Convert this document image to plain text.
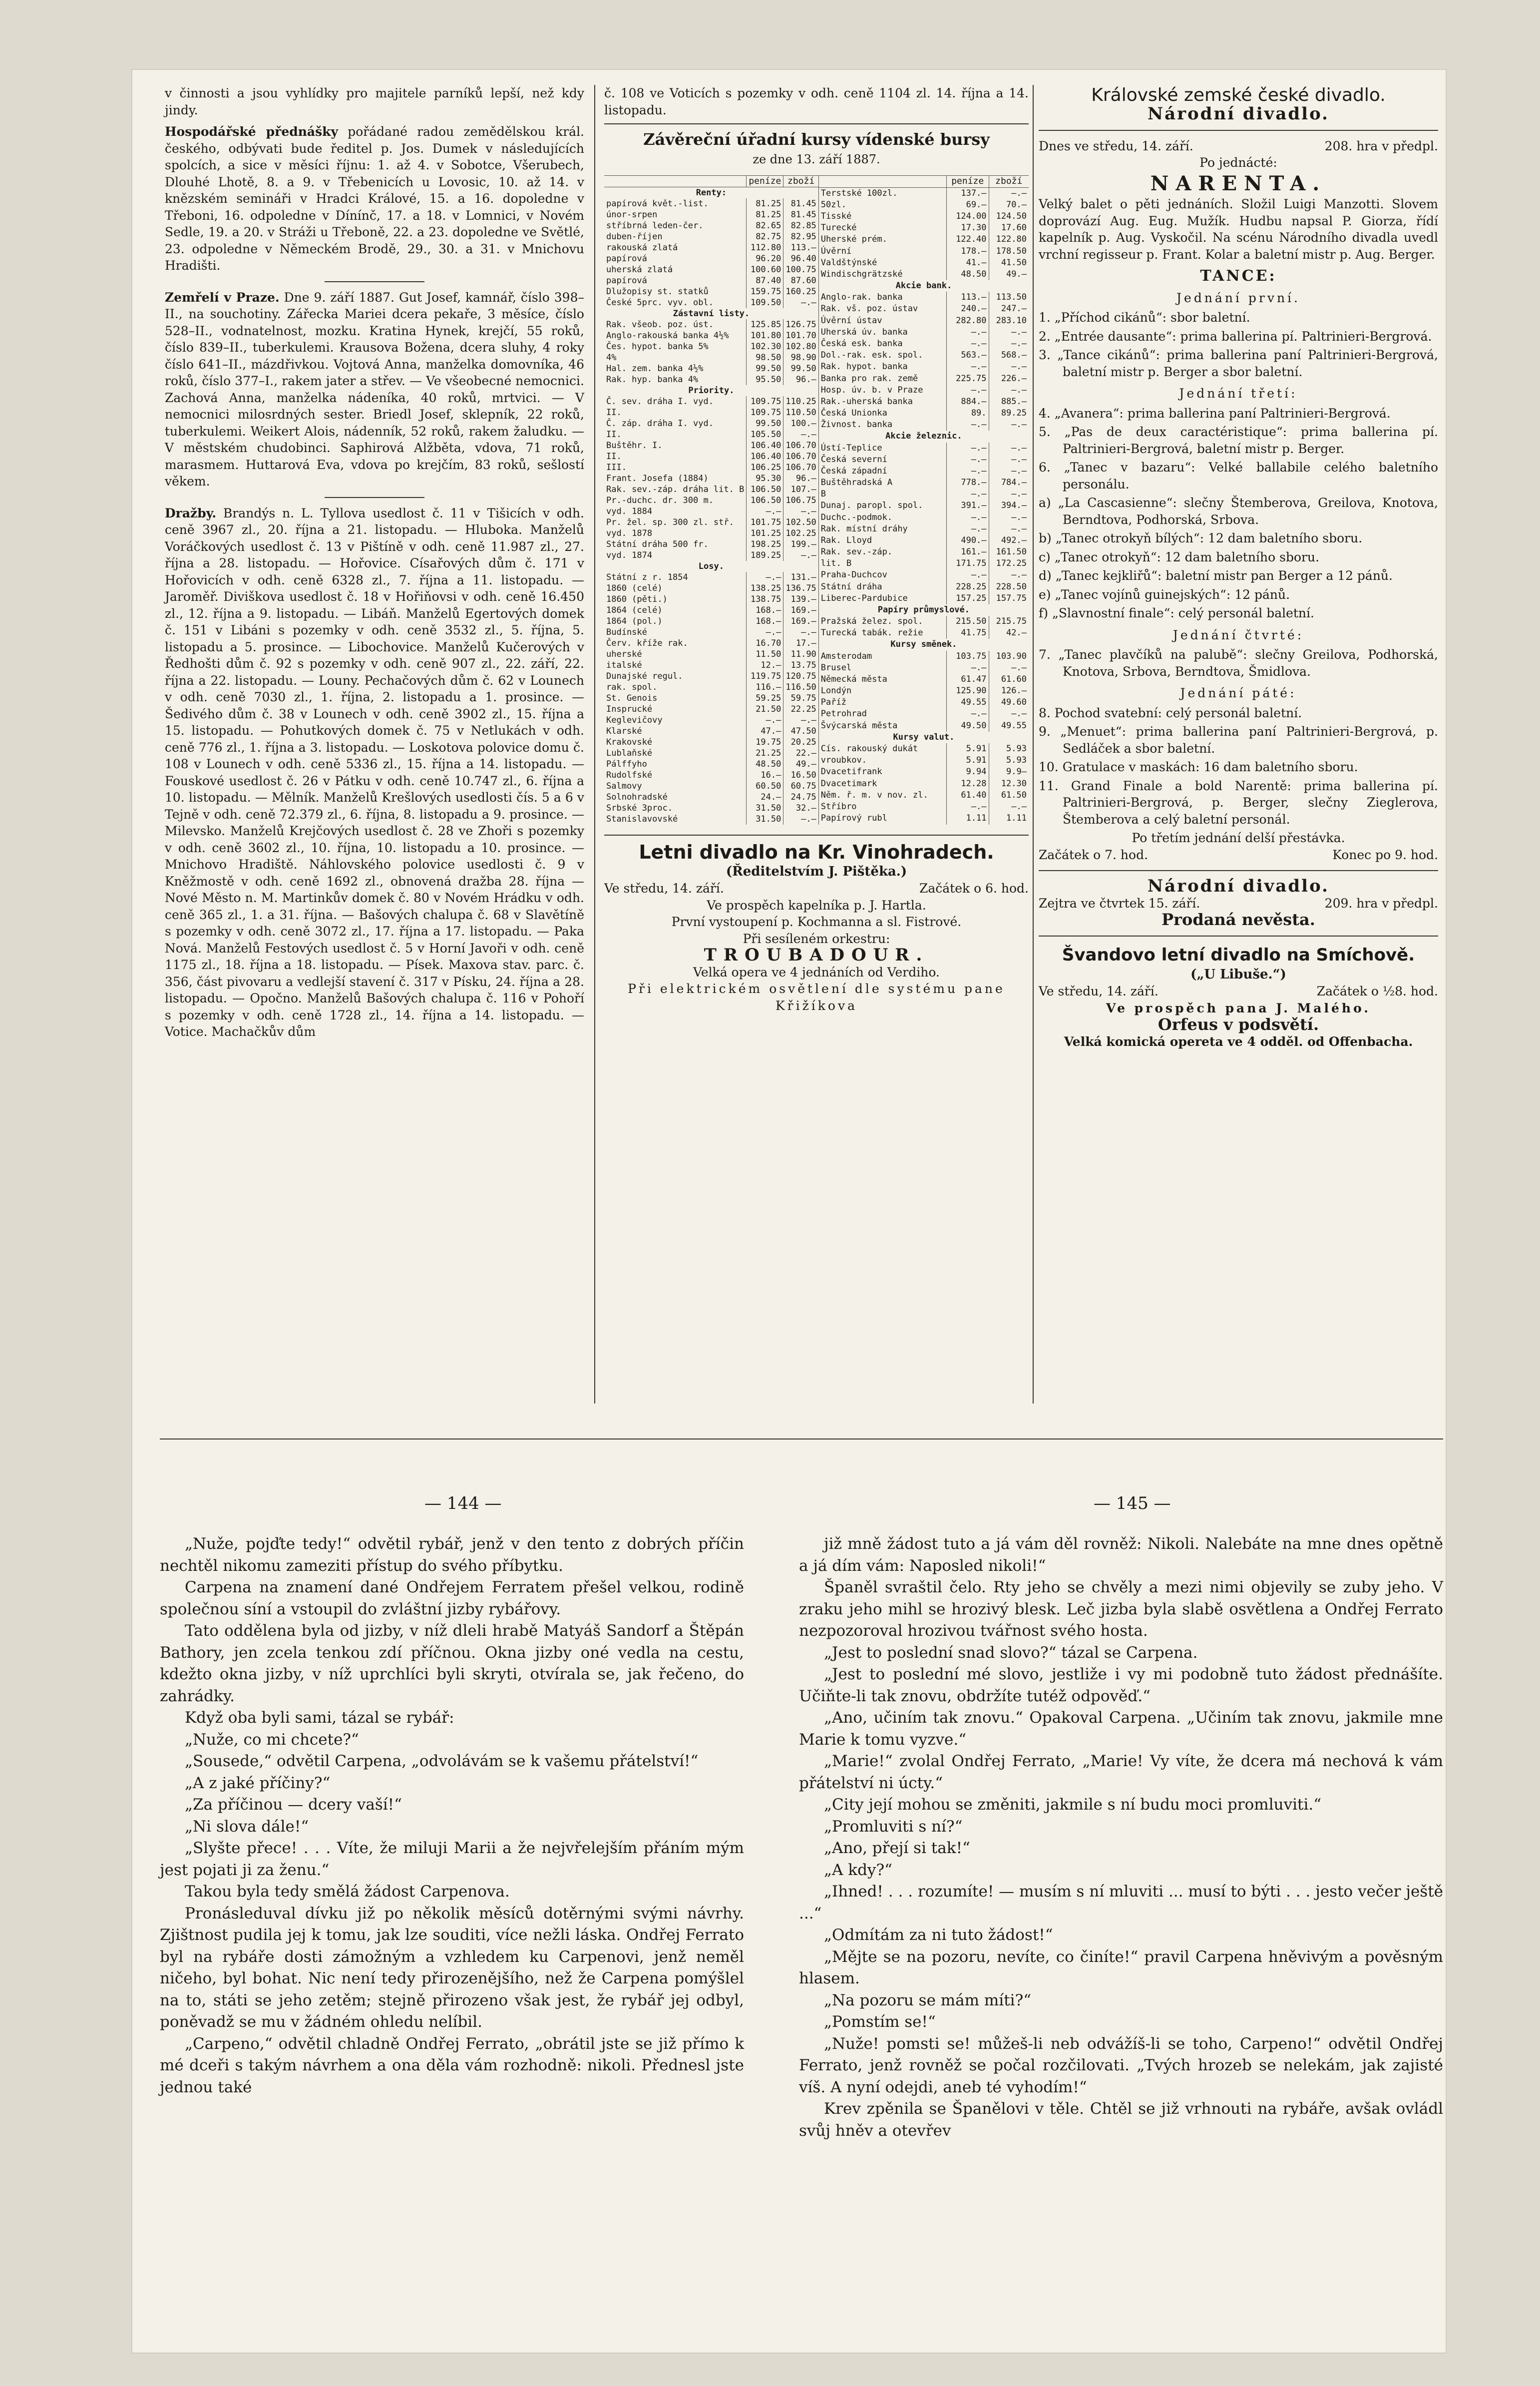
v činnosti a jsou vyhlídky pro majitele parníků lepší, než kdy jindy.

Hospodářské přednášky pořádané radou zemědělskou král. českého, odbývati bude ředitel p. Jos. Dumek v následujících spolcích, a sice v měsíci říjnu: 1. až 4. v Sobotce, Všerubech, Dlouhé Lhotě, 8. a 9. v Třebenicích u Lovosic, 10. až 14. v knězském semináři v Hradci Králové, 15. a 16. dopoledne v Třeboni, 16. odpoledne v Dínínč, 17. a 18. v Lomnici, v Novém Sedle, 19. a 20. v Stráži u Třeboně, 22. a 23. dopoledne ve Světlé, 23. odpoledne v Německém Brodě, 29., 30. a 31. v Mnichovu Hradišti.

Zemřelí v Praze. Dne 9. září 1887. Gut Josef, kamnář, číslo 398–II., na souchotiny. Zářecka Mariei dcera pekaře, 3 měsíce, číslo 528–II., vodnatelnost, mozku. Kratina Hynek, krejčí, 55 roků, číslo 839–II., tuberkulemi. Krausova Božena, dcera sluhy, 4 roky číslo 641–II., mázdřivkou. Vojtová Anna, manželka domovníka, 46 roků, číslo 377–I., rakem jater a střev. — Ve všeobecné nemocnici. Zachová Anna, manželka nádeníka, 40 roků, mrtvici. — V nemocnici milosrdných sester. Briedl Josef, sklepník, 22 roků, tuberkulemi. Weikert Alois, nádenník, 52 roků, rakem žaludku. — V městském chudobinci. Saphirová Alžběta, vdova, 71 roků, marasmem. Huttarová Eva, vdova po krejčím, 83 roků, sešlostí věkem.

Dražby. Brandýs n. L. Tyllova usedlost č. 11 v Tišicích v odh. ceně 3967 zl., 20. října a 21. listopadu. — Hluboka. Manželů Voráčkových usedlost č. 13 v Pištíně v odh. ceně 11.987 zl., 27. října a 28. listopadu. — Hořovice. Císařových dům č. 171 v Hořovicích v odh. ceně 6328 zl., 7. října a 11. listopadu. — Jaroměř. Diviškova usedlost č. 18 v Hořiňovsi v odh. ceně 16.450 zl., 12. října a 9. listopadu. — Libáň. Manželů Egertových domek č. 151 v Libáni s pozemky v odh. ceně 3532 zl., 5. října, 5. listopadu a 5. prosince. — Libochovice. Manželů Kučerových v Ředhošti dům č. 92 s pozemky v odh. ceně 907 zl., 22. září, 22. října a 22. listopadu. — Louny. Pechačových dům č. 62 v Lounech v odh. ceně 7030 zl., 1. října, 2. listopadu a 1. prosince. — Šedivého dům č. 38 v Lounech v odh. ceně 3902 zl., 15. října a 15. listopadu. — Pohutkových domek č. 75 v Netlukách v odh. ceně 776 zl., 1. října a 3. listopadu. — Loskotova polovice domu č. 108 v Lounech v odh. ceně 5336 zl., 15. října a 14. listopadu. — Fouskové usedlost č. 26 v Pátku v odh. ceně 10.747 zl., 6. října a 10. listopadu. — Mělník. Manželů Krešlových usedlosti čís. 5 a 6 v Tejně v odh. ceně 72.379 zl., 6. října, 8. listopadu a 9. prosince. — Milevsko. Manželů Krejčových usedlost č. 28 ve Zhoři s pozemky v odh. ceně 3602 zl., 10. října, 10. listopadu a 10. prosince. — Mnichovo Hradiště. Náhlovského polovice usedlosti č. 9 v Kněžmostě v odh. ceně 1692 zl., obnovená dražba 28. října — Nové Město n. M. Martinkův domek č. 80 v Novém Hrádku v odh. ceně 365 zl., 1. a 31. října. — Bašových chalupa č. 68 v Slavětíně s pozemky v odh. ceně 3072 zl., 17. října a 17. listopadu. — Paka Nová. Manželů Festových usedlost č. 5 v Horní Javoři v odh. ceně 1175 zl., 18. října a 18. listopadu. — Písek. Maxova stav. parc. č. 356, část pivovaru a vedlejší stavení č. 317 v Písku, 24. října a 28. listopadu. — Opočno. Manželů Bašových chalupa č. 116 v Pohoří s pozemky v odh. ceně 1728 zl., 14. října a 14. listopadu. — Votice. Machačkův dům

č. 108 ve Voticích s pozemky v odh. ceně 1104 zl. 14. října a 14. listopadu.

Závěreční úřadní kursy vídenské bursy
ze dne 13. září 1887.
	peníze	zboží
Renty:		
papírová květ.-list.	81.25	81.45
únor-srpen	81.25	81.45
stříbrná leden-čer.	82.65	82.85
duben-říjen	82.75	82.95
rakouská zlatá	112.80	113.—
papírová	96.20	96.40
uherská zlatá	100.60	100.75
papírová	87.40	87.60
Dlužopisy st. statků	159.75	160.25
České 5prc. vyv. obl.	109.50	—.—
Zástavní listy.		
Rak. všeob. poz. úst.	125.85	126.75
Anglo-rakouská banka 4½%	101.80	101.70
Čes. hypot. banka 5%	102.30	102.80
4%	98.50	98.90
Hal. zem. banka 4½%	99.50	99.50
Rak. hyp. banka 4%	95.50	96.—
Priority.		
Č. sev. dráha I. vyd.	109.75	110.25
II.	109.75	110.50
Č. záp. dráha I. vyd.	99.50	100.—
II.	105.50	—.—
Buštěhr. I.	106.40	106.70
II.	106.40	106.70
III.	106.25	106.70
Frant. Josefa (1884)	95.30	96.—
Rak. sev.-záp. dráha lit. B	106.50	107.—
Pr.-duchc. dr. 300 m.	106.50	106.75
vyd. 1884	—.—	—.—
Pr. žel. sp. 300 zl. stř.	101.75	102.50
vyd. 1878	101.25	102.25
Státní dráha 500 fr.	198.25	199.—
vyd. 1874	189.25	—.—
Losy.		
Státní z r. 1854	—.—	131.—
1860 (celé)	138.25	136.75
1860 (pěti.)	138.75	139.—
1864 (celé)	168.—	169.—
1864 (pol.)	168.—	169.—
Budínské	—.—	—.—
Červ. kříže rak.	16.70	17.—
uherské	11.50	11.90
italské	12.—	13.75
Dunajské regul.	119.75	120.75
rak. spol.	116.—	116.50
St. Genois	59.25	59.75
Insprucké	21.50	22.25
Keglevičovy	—.—	—.—
Klarské	47.—	47.50
Krakovské	19.75	20.25
Lublaňské	21.25	22.—
Pálffyho	48.50	49.—
Rudolfské	16.—	16.50
Salmovy	60.50	60.75
Solnohradské	24.—	24.75
Srbské 3proc.	31.50	32.—
Stanislavovské	31.50	—.—
	peníze	zboží
Terstské 100zl.	137.—	—.—
50zl.	69.—	70.—
Tisské	124.00	124.50
Turecké	17.30	17.60
Uherské prém.	122.40	122.80
Úvěrní	178.—	178.50
Valdštýnské	41.—	41.50
Windischgrätzské	48.50	49.—
Akcie bank.		
Anglo-rak. banka	113.—	113.50
Rak. vš. poz. ústav	240.—	247.—
Úvěrní ústav	282.80	283.10
Uherská úv. banka	—.—	—.—
Česká esk. banka	—.—	—.—
Dol.-rak. esk. spol.	563.—	568.—
Rak. hypot. banka	—.—	—.—
Banka pro rak. země	225.75	226.—
Hosp. úv. b. v Praze	—.—	—.—
Rak.-uherská banka	884.—	885.—
Česká Unionka	89.	89.25
Živnost. banka	—.—	—.—
Akcie železnic.		
Ústí-Teplice	—.—	—.—
Česká severní	—.—	—.—
Česká západní	—.—	—.—
Buštěhradská A	778.—	784.—
B	—.—	—.—
Dunaj. paropl. spol.	391.—	394.—
Duchc.-podmok.	—.—	—.—
Rak. místní dráhy	—.—	—.—
Rak. Lloyd	490.—	492.—
Rak. sev.-záp.	161.—	161.50
lit. B	171.75	172.25
Praha-Duchcov	—.—	—.—
Státní dráha	228.25	228.50
Liberec-Pardubice	157.25	157.75
Papíry průmyslové.		
Pražská želez. spol.	215.50	215.75
Turecká tabák. režie	41.75	42.—
Kursy směnek.		
Amsterodam	103.75	103.90
Brusel	—.—	—.—
Německá města	61.47	61.60
Londýn	125.90	126.—
Paříž	49.55	49.60
Petrohrad	—.—	—.—
Švýcarská města	49.50	49.55
Kursy valut.		
Cís. rakouský dukát	5.91	5.93
vroubkov.	5.91	5.93
Dvacetifrank	9.94	9.9–
Dvacetimark	12.28	12.30
Něm. ř. m. v nov. zl.	61.40	61.50
Stříbro	—.—	—.—
Papírový rubl	1.11	1.11
Letni divadlo na Kr. Vinohradech.
(Ředitelstvím J. Pištěka.)
Ve středu, 14. září.	Začátek o 6. hod.
Ve prospěch kapelníka p. J. Hartla.
První vystoupení p. Kochmanna a sl. Fistrové.
Při sesíleném orkestru:
TROUBADOUR.
Velká opera ve 4 jednáních od Verdiho.
Při elektrickém osvětlení dle systému pane Křižíkova
Královské zemské české divadlo.
Národní divadlo.
Dnes ve středu, 14. září.	208. hra v předpl.
Po jednácté:
NARENTA.

Velký balet o pěti jednáních. Složil Luigi Manzotti. Slovem doprovází Aug. Eug. Mužík. Hudbu napsal P. Giorza, řídí kapelník p. Aug. Vyskočil. Na scénu Národního divadla uvedl vrchní regisseur p. Frant. Kolar a baletní mistr p. Aug. Berger.

TANCE:
Jednání první.
1. „Příchod cikánů“: sbor baletní.
2. „Entrée dausante“: prima ballerina pí. Paltrinieri-Bergrová.
3. „Tance cikánů“: prima ballerina paní Paltrinieri-Bergrová, baletní mistr p. Berger a sbor baletní.
Jednání třetí:
4. „Avanera“: prima ballerina paní Paltrinieri-Bergrová.
5. „Pas de deux caractéristique“: prima ballerina pí. Paltrinieri-Bergrová, baletní mistr p. Berger.
6. „Tanec v bazaru“: Velké ballabile celého baletního personálu.
a) „La Cascasienne“: slečny Štemberova, Greilova, Knotova, Berndtova, Podhorská, Srbova.
b) „Tanec otrokyň bílých“: 12 dam baletního sboru.
c) „Tanec otrokyň“: 12 dam baletního sboru.
d) „Tanec kejkliřů“: baletní mistr pan Berger a 12 pánů.
e) „Tanec vojínů guinejských“: 12 pánů.
f) „Slavnostní finale“: celý personál baletní.
Jednání čtvrté:
7. „Tanec plavčíků na palubě“: slečny Greilova, Podhorská, Knotova, Srbova, Berndtova, Šmidlova.
Jednání páté:
8. Pochod svatební: celý personál baletní.
9. „Menuet“: prima ballerina paní Paltrinieri-Bergrová, p. Sedláček a sbor baletní.
10. Gratulace v maskách: 16 dam baletního sboru.
11. Grand Finale a bold Narentě: prima ballerina pí. Paltrinieri-Bergrová, p. Berger, slečny Zieglerova, Štemberova a celý baletní personál.
Po třetím jednání delší přestávka.
Začátek o 7. hod.	Konec po 9. hod.
Národní divadlo.
Zejtra ve čtvrtek 15. září.	209. hra v předpl.
Prodaná nevěsta.
Švandovo letní divadlo na Smíchově.
(„U Libuše.“)
Ve středu, 14. září.	Začátek o ½8. hod.
Ve prospěch pana J. Malého.
Orfeus v podsvětí.
Velká komická opereta ve 4 odděl. od Offenbacha.
— 144 —	— 145 —

„Nuže, pojďte tedy!“ odvětil rybář, jenž v den tento z dobrých příčin nechtěl nikomu zameziti přístup do svého příbytku.

Carpena na znamení dané Ondřejem Ferratem přešel velkou, rodině společnou síní a vstoupil do zvláštní jizby rybářovy.

Tato oddělena byla od jizby, v níž dleli hrabě Matyáš Sandorf a Štěpán Bathory, jen zcela tenkou zdí příčnou. Okna jizby oné vedla na cestu, kdežto okna jizby, v níž uprchlíci byli skryti, otvírala se, jak řečeno, do zahrádky.

Když oba byli sami, tázal se rybář:

„Nuže, co mi chcete?“

„Sousede,“ odvětil Carpena, „odvolávám se k vašemu přátelství!“

„A z jaké příčiny?“

„Za příčinou — dcery vaší!“

„Ni slova dále!“

„Slyšte přece! . . . Víte, že miluji Marii a že nejvřelejším přáním mým jest pojati ji za ženu.“

Takou byla tedy smělá žádost Carpenova.

Pronásleduval dívku již po několik měsíců dotěrnými svými návrhy. Zjištnost pudila jej k tomu, jak lze souditi, více nežli láska. Ondřej Ferrato byl na rybáře dosti zámožným a vzhledem ku Carpenovi, jenž neměl ničeho, byl bohat. Nic není tedy přirozenějšího, než že Carpena pomýšlel na to, státi se jeho zetěm; stejně přirozeno však jest, že rybář jej odbyl, poněvadž se mu v žádném ohledu nelíbil.

„Carpeno,“ odvětil chladně Ondřej Ferrato, „obrátil jste se již přímo k mé dceři s takým návrhem a ona děla vám rozhodně: nikoli. Přednesl jste jednou také

již mně žádost tuto a já vám děl rovněž: Nikoli. Nalebáte na mne dnes opětně a já dím vám: Naposled nikoli!“

Španěl svraštil čelo. Rty jeho se chvěly a mezi nimi objevily se zuby jeho. V zraku jeho mihl se hrozivý blesk. Leč jizba byla slabě osvětlena a Ondřej Ferrato nezpozoroval hrozivou tvářnost svého hosta.

„Jest to poslední snad slovo?“ tázal se Carpena.

„Jest to poslední mé slovo, jestliže i vy mi podobně tuto žádost přednášíte. Učiňte-li tak znovu, obdržíte tutéž odpověď.“

„Ano, učiním tak znovu.“ Opakoval Carpena. „Učiním tak znovu, jakmile mne Marie k tomu vyzve.“

„Marie!“ zvolal Ondřej Ferrato, „Marie! Vy víte, že dcera má nechová k vám přátelství ni úcty.“

„City její mohou se změniti, jakmile s ní budu moci promluviti.“

„Promluviti s ní?“

„Ano, přejí si tak!“

„A kdy?“

„Ihned! . . . rozumíte! — musím s ní mluviti ... musí to býti . . . jesto večer ještě ...“

„Odmítám za ni tuto žádost!“

„Mějte se na pozoru, nevíte, co činíte!“ pravil Carpena hněvivým a pověsným hlasem.

„Na pozoru se mám míti?“

„Pomstím se!“

„Nuže! pomsti se! můžeš-li neb odvážíš-li se toho, Carpeno!“ odvětil Ondřej Ferrato, jenž rovněž se počal rozčilovati. „Tvých hrozeb se nelekám, jak zajisté víš. A nyní odejdi, aneb té vyhodím!“

Krev zpěnila se Španělovi v těle. Chtěl se již vrhnouti na rybáře, avšak ovládl svůj hněv a otevřev
